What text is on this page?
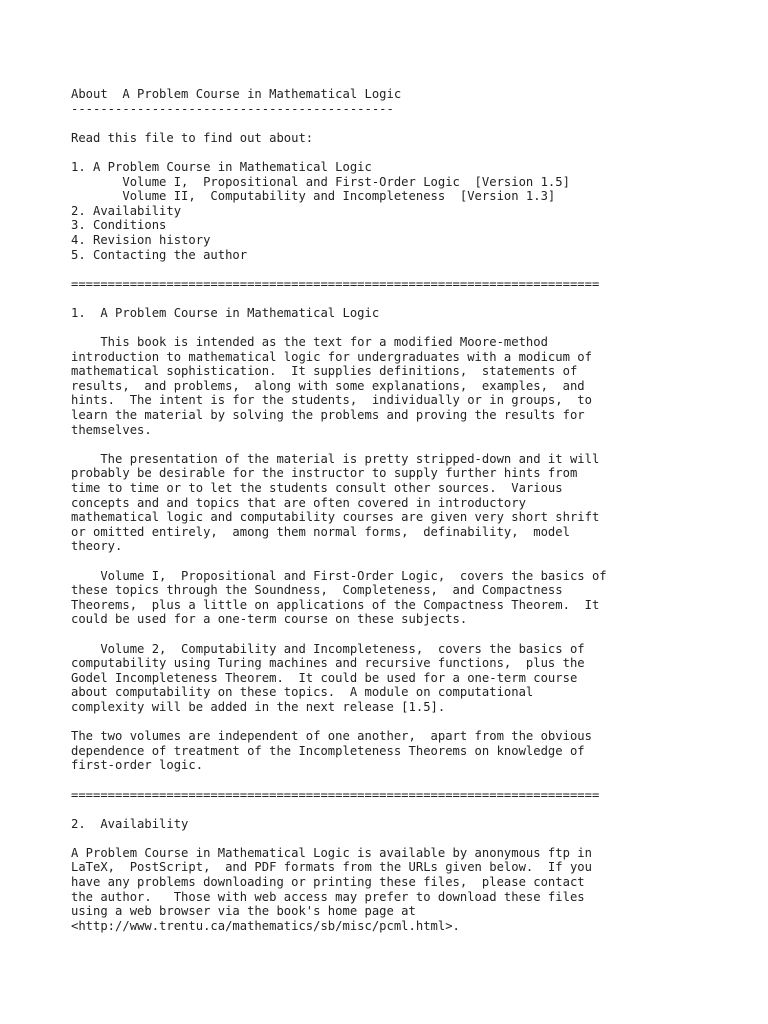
About  A Problem Course in Mathematical Logic
--------------------------------------------
Read this file to find out about:
1. A Problem Course in Mathematical Logic
Volume I,  Propositional and First-Order Logic  [Version 1.5]
Volume II,  Computability and Incompleteness  [Version 1.3]
2. Availability
3. Conditions
4. Revision history
5. Contacting the author
========================================================================
1.  A Problem Course in Mathematical Logic
This book is intended as the text for a modified Moore-method
introduction to mathematical logic for undergraduates with a modicum of
mathematical sophistication.  It supplies definitions,  statements of
results,  and problems,  along with some explanations,  examples,  and
hints.  The intent is for the students,  individually or in groups,  to
learn the material by solving the problems and proving the results for
themselves.
The presentation of the material is pretty stripped-down and it will
probably be desirable for the instructor to supply further hints from
time to time or to let the students consult other sources.  Various
concepts and and topics that are often covered in introductory
mathematical logic and computability courses are given very short shrift
or omitted entirely,  among them normal forms,  definability,  model
theory.
Volume I,  Propositional and First-Order Logic,  covers the basics of
these topics through the Soundness,  Completeness,  and Compactness
Theorems,  plus a little on applications of the Compactness Theorem.  It
could be used for a one-term course on these subjects.
Volume 2,  Computability and Incompleteness,  covers the basics of
computability using Turing machines and recursive functions,  plus the
Godel Incompleteness Theorem.  It could be used for a one-term course
about computability on these topics.  A module on computational
complexity will be added in the next release [1.5].
The two volumes are independent of one another,  apart from the obvious
dependence of treatment of the Incompleteness Theorems on knowledge of
first-order logic.
========================================================================
2.  Availability
A Problem Course in Mathematical Logic is available by anonymous ftp in
LaTeX,  PostScript,  and PDF formats from the URLs given below.  If you
have any problems downloading or printing these files,  please contact
the author.   Those with web access may prefer to download these files
using a web browser via the book's home page at
<http://www.trentu.ca/mathematics/sb/misc/pcml.html>.
